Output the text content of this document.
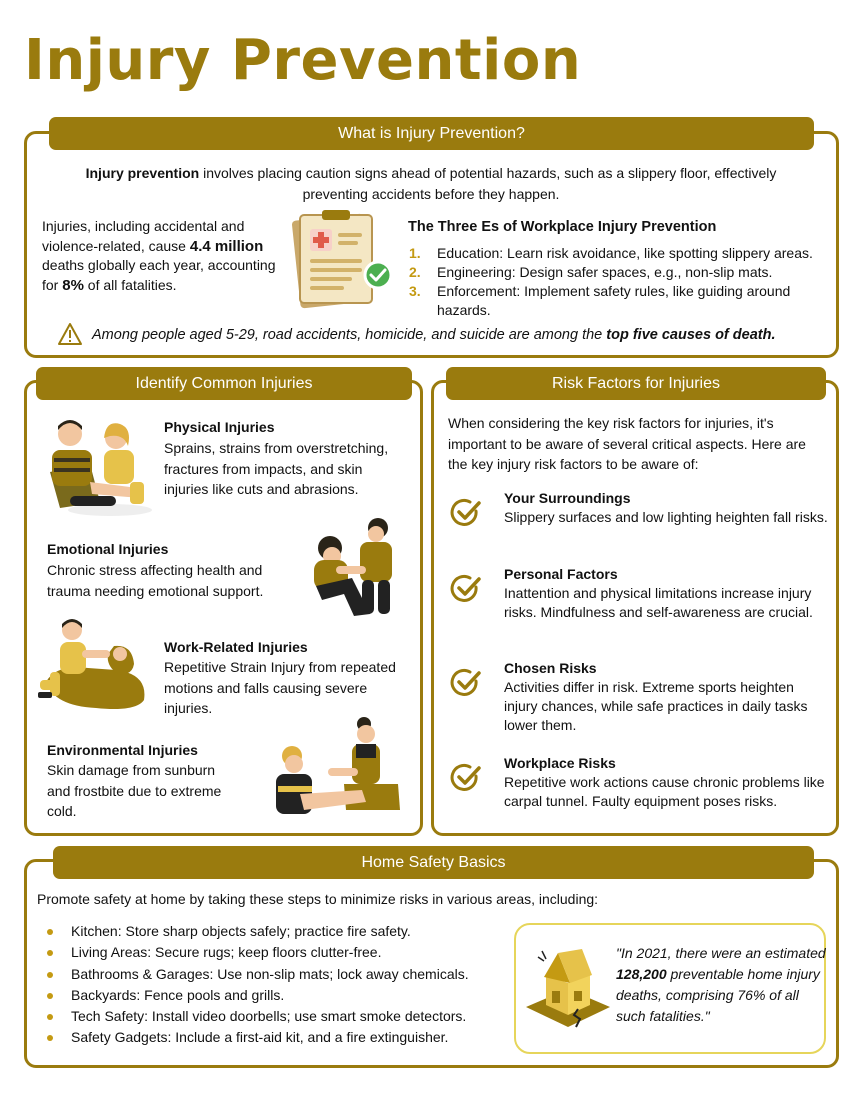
Injury Prevention
What is Injury Prevention?
Injury prevention involves placing caution signs ahead of potential hazards, such as a slippery floor, effectively preventing accidents before they happen.
Injuries, including accidental and violence-related, cause 4.4 million deaths globally each year, accounting for 8% of all fatalities.
The Three Es of Workplace Injury Prevention
1. Education: Learn risk avoidance, like spotting slippery areas.
2. Engineering: Design safer spaces, e.g., non-slip mats.
3. Enforcement: Implement safety rules, like guiding around hazards.
Among people aged 5-29, road accidents, homicide, and suicide are among the top five causes of death.
Identify Common Injuries
Physical Injuries
Sprains, strains from overstretching, fractures from impacts, and skin injuries like cuts and abrasions.
Emotional Injuries
Chronic stress affecting health and trauma needing emotional support.
Work-Related Injuries
Repetitive Strain Injury from repeated motions and falls causing severe injuries.
Environmental Injuries
Skin damage from sunburn and frostbite due to extreme cold.
Risk Factors for Injuries
When considering the key risk factors for injuries, it's important to be aware of several critical aspects. Here are the key injury risk factors to be aware of:
Your Surroundings
Slippery surfaces and low lighting heighten fall risks.
Personal Factors
Inattention and physical limitations increase injury risks. Mindfulness and self-awareness are crucial.
Chosen Risks
Activities differ in risk. Extreme sports heighten injury chances, while safe practices in daily tasks lower them.
Workplace Risks
Repetitive work actions cause chronic problems like carpal tunnel. Faulty equipment poses risks.
Home Safety Basics
Promote safety at home by taking these steps to minimize risks in various areas, including:
Kitchen: Store sharp objects safely; practice fire safety.
Living Areas: Secure rugs; keep floors clutter-free.
Bathrooms & Garages: Use non-slip mats; lock away chemicals.
Backyards: Fence pools and grills.
Tech Safety: Install video doorbells; use smart smoke detectors.
Safety Gadgets: Include a first-aid kit, and a fire extinguisher.
"In 2021, there were an estimated 128,200 preventable home injury deaths, comprising 76% of all such fatalities."
